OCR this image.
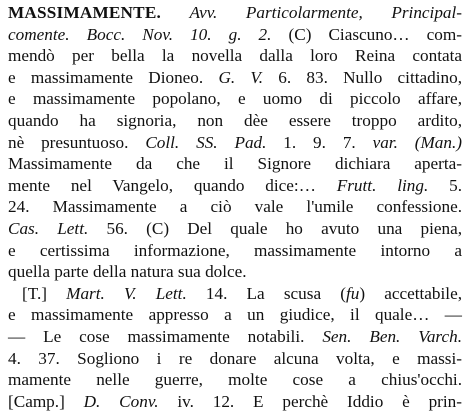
MASSIMAMENTE. Avv. Particolarmente, Principal-
comente. Bocc. Nov. 10. g. 2. (C) Ciascuno… com-
mendò per bella la novella dalla loro Reina contata
e massimamente Dioneo. G. V. 6. 83. Nullo cittadino,
e massimamente popolano, e uomo di piccolo affare,
quando ha signoria, non dèe essere troppo ardito,
nè presuntuoso. Coll. SS. Pad. 1. 9. 7. var. (Man.)
Massimamente da che il Signore dichiara aperta-
mente nel Vangelo, quando dice:… Frutt. ling. 5.
24. Massimamente a ciò vale l'umile confessione.
Cas. Lett. 56. (C) Del quale ho avuto una piena,
e certissima informazione, massimamente intorno a
quella parte della natura sua dolce.
[T.] Mart. V. Lett. 14. La scusa (fu) accettabile,
e massimamente appresso a un giudice, il quale… —
— Le cose massimamente notabili. Sen. Ben. Varch.
4. 37. Sogliono i re donare alcuna volta, e massi-
mamente nelle guerre, molte cose a chius'occhi.
[Camp.] D. Conv. iv. 12. E perchè Iddio è prin-
